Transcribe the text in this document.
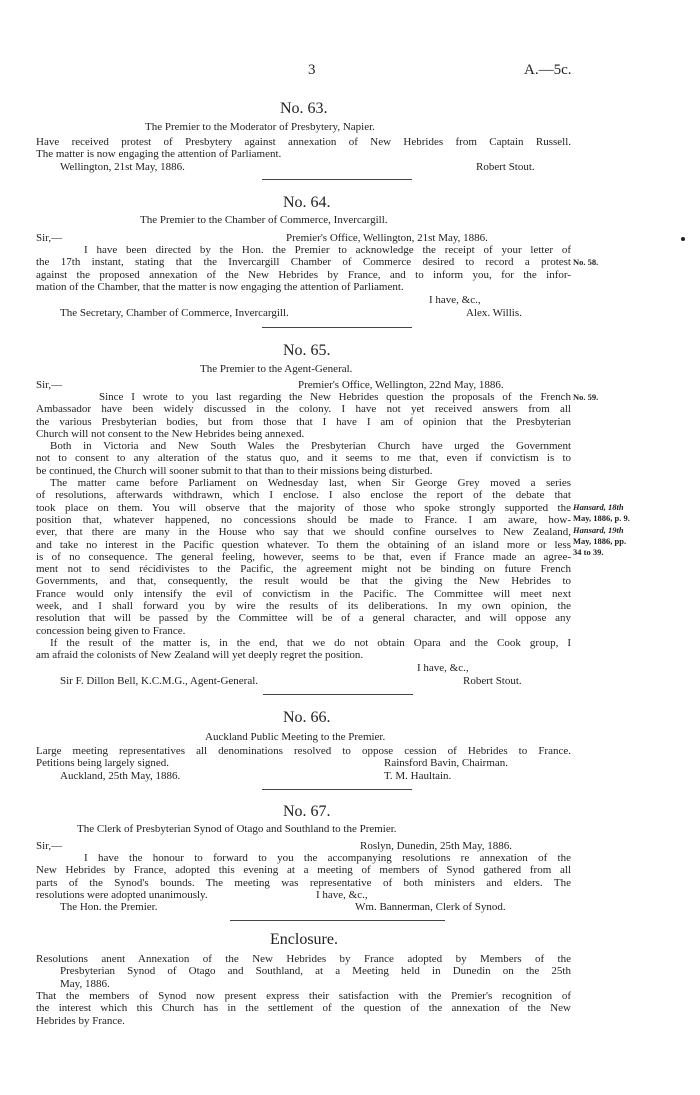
3	A.—5c.
No. 63.
The Premier to the Moderator of Presbytery, Napier.
Have received protest of Presbytery against annexation of New Hebrides from Captain Russell.
The matter is now engaging the attention of Parliament.
Wellington, 21st May, 1886.	Robert Stout.
No. 64.
The Premier to the Chamber of Commerce, Invercargill.
Sir,—	Premier's Office, Wellington, 21st May, 1886.
I have been directed by the Hon. the Premier to acknowledge the receipt of your letter of
the 17th instant, stating that the Invercargill Chamber of Commerce desired to record a protest
against the proposed annexation of the New Hebrides by France, and to inform you, for the infor-
mation of the Chamber, that the matter is now engaging the attention of Parliament.
No. 58.
I have, &c.,
The Secretary, Chamber of Commerce, Invercargill.	Alex. Willis.
No. 65.
The Premier to the Agent-General.
Sir,—	Premier's Office, Wellington, 22nd May, 1886.
Since I wrote to you last regarding the New Hebrides question the proposals of the French
Ambassador have been widely discussed in the colony. I have not yet received answers from all
the various Presbyterian bodies, but from those that I have I am of opinion that the Presbyterian
Church will not consent to the New Hebrides being annexed.
Both in Victoria and New South Wales the Presbyterian Church have urged the Government
not to consent to any alteration of the status quo, and it seems to me that, even if convictism is to
be continued, the Church will sooner submit to that than to their missions being disturbed.
The matter came before Parliament on Wednesday last, when Sir George Grey moved a series
of resolutions, afterwards withdrawn, which I enclose. I also enclose the report of the debate that
took place on them. You will observe that the majority of those who spoke strongly supported the
position that, whatever happened, no concessions should be made to France. I am aware, how-
ever, that there are many in the House who say that we should confine ourselves to New Zealand,
and take no interest in the Pacific question whatever. To them the obtaining of an island more or less
is of no consequence. The general feeling, however, seems to be that, even if France made an agree-
ment not to send récidivistes to the Pacific, the agreement might not be binding on future French
Governments, and that, consequently, the result would be that the giving the New Hebrides to
France would only intensify the evil of convictism in the Pacific. The Committee will meet next
week, and I shall forward you by wire the results of its deliberations. In my own opinion, the
resolution that will be passed by the Committee will be of a general character, and will oppose any
concession being given to France.
If the result of the matter is, in the end, that we do not obtain Opara and the Cook group, I
am afraid the colonists of New Zealand will yet deeply regret the position.
No. 59.
Hansard, 18th
May, 1886, p. 9.
Hansard, 19th
May, 1886, pp.
34 to 39.
I have, &c.,
Sir F. Dillon Bell, K.C.M.G., Agent-General.	Robert Stout.
No. 66.
Auckland Public Meeting to the Premier.
Large meeting representatives all denominations resolved to oppose cession of Hebrides to France.
Petitions being largely signed.	Rainsford Bavin, Chairman.
Auckland, 25th May, 1886.	T. M. Haultain.
No. 67.
The Clerk of Presbyterian Synod of Otago and Southland to the Premier.
Sir,—	Roslyn, Dunedin, 25th May, 1886.
I have the honour to forward to you the accompanying resolutions re annexation of the
New Hebrides by France, adopted this evening at a meeting of members of Synod gathered from all
parts of the Synod's bounds. The meeting was representative of both ministers and elders. The
resolutions were adopted unanimously.	I have, &c.,
The Hon. the Premier.	Wm. Bannerman, Clerk of Synod.
Enclosure.
Resolutions anent Annexation of the New Hebrides by France adopted by Members of the
Presbyterian Synod of Otago and Southland, at a Meeting held in Dunedin on the 25th
May, 1886.
That the members of Synod now present express their satisfaction with the Premier's recognition of
the interest which this Church has in the settlement of the question of the annexation of the New
Hebrides by France.
